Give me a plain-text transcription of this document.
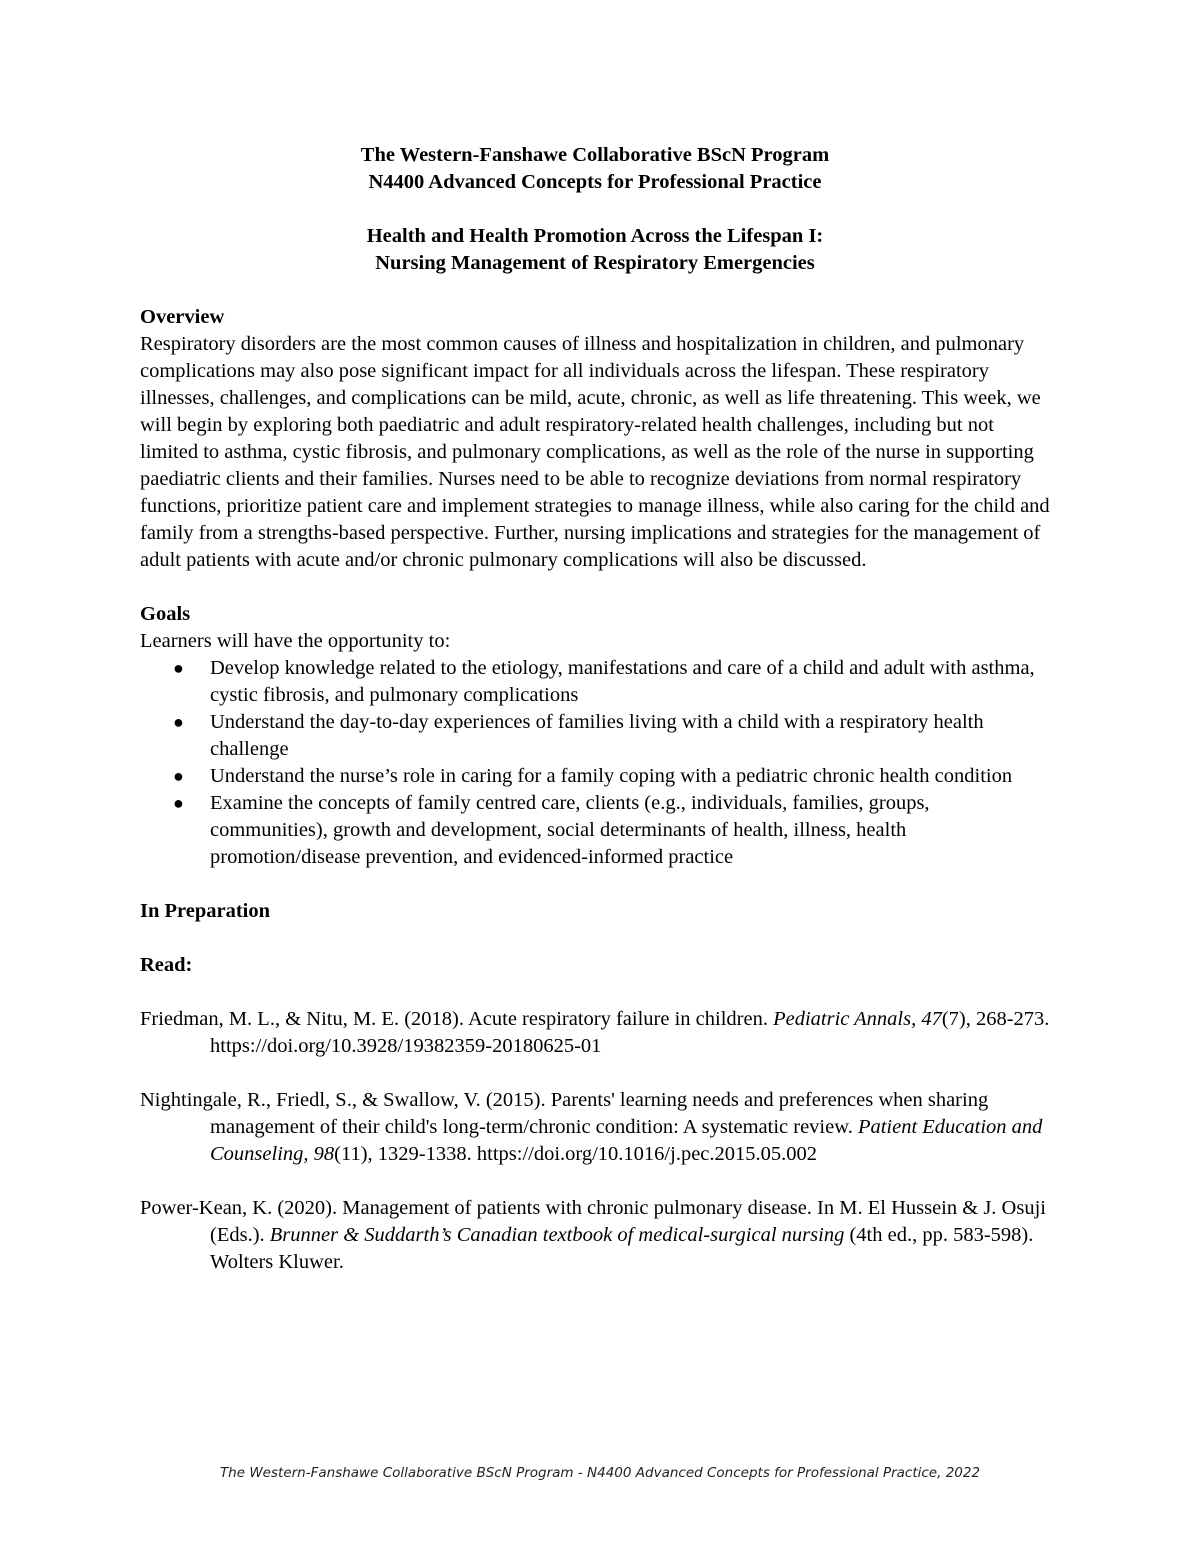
The Western-Fanshawe Collaborative BScN Program
N4400 Advanced Concepts for Professional Practice
Health and Health Promotion Across the Lifespan I:
Nursing Management of Respiratory Emergencies

Overview

Respiratory disorders are the most common causes of illness and hospitalization in children, and pulmonary complications may also pose significant impact for all individuals across the lifespan. These respiratory illnesses, challenges, and complications can be mild, acute, chronic, as well as life threatening. This week, we will begin by exploring both paediatric and adult respiratory-related health challenges, including but not limited to asthma, cystic fibrosis, and pulmonary complications, as well as the role of the nurse in supporting paediatric clients and their families. Nurses need to be able to recognize deviations from normal respiratory functions, prioritize patient care and implement strategies to manage illness, while also caring for the child and family from a strengths-based perspective. Further, nursing implications and strategies for the management of adult patients with acute and/or chronic pulmonary complications will also be discussed.

Goals

Learners will have the opportunity to:

● Develop knowledge related to the etiology, manifestations and care of a child and adult with asthma, cystic fibrosis, and pulmonary complications
● Understand the day-to-day experiences of families living with a child with a respiratory health challenge
● Understand the nurse’s role in caring for a family coping with a pediatric chronic health condition
● Examine the concepts of family centred care, clients (e.g., individuals, families, groups, communities), growth and development, social determinants of health, illness, health promotion/disease prevention, and evidenced-informed practice

In Preparation

Read:

Friedman, M. L., & Nitu, M. E. (2018). Acute respiratory failure in children. Pediatric Annals, 47(7), 268-273. https://doi.org/10.3928/19382359-20180625-01

Nightingale, R., Friedl, S., & Swallow, V. (2015). Parents' learning needs and preferences when sharing management of their child's long-term/chronic condition: A systematic review. Patient Education and Counseling, 98(11), 1329-1338. https://doi.org/10.1016/j.pec.2015.05.002

Power-Kean, K. (2020). Management of patients with chronic pulmonary disease. In M. El Hussein & J. Osuji (Eds.). Brunner & Suddarth’s Canadian textbook of medical-surgical nursing (4th ed., pp. 583-598). Wolters Kluwer.

The Western-Fanshawe Collaborative BScN Program - N4400 Advanced Concepts for Professional Practice, 2022
